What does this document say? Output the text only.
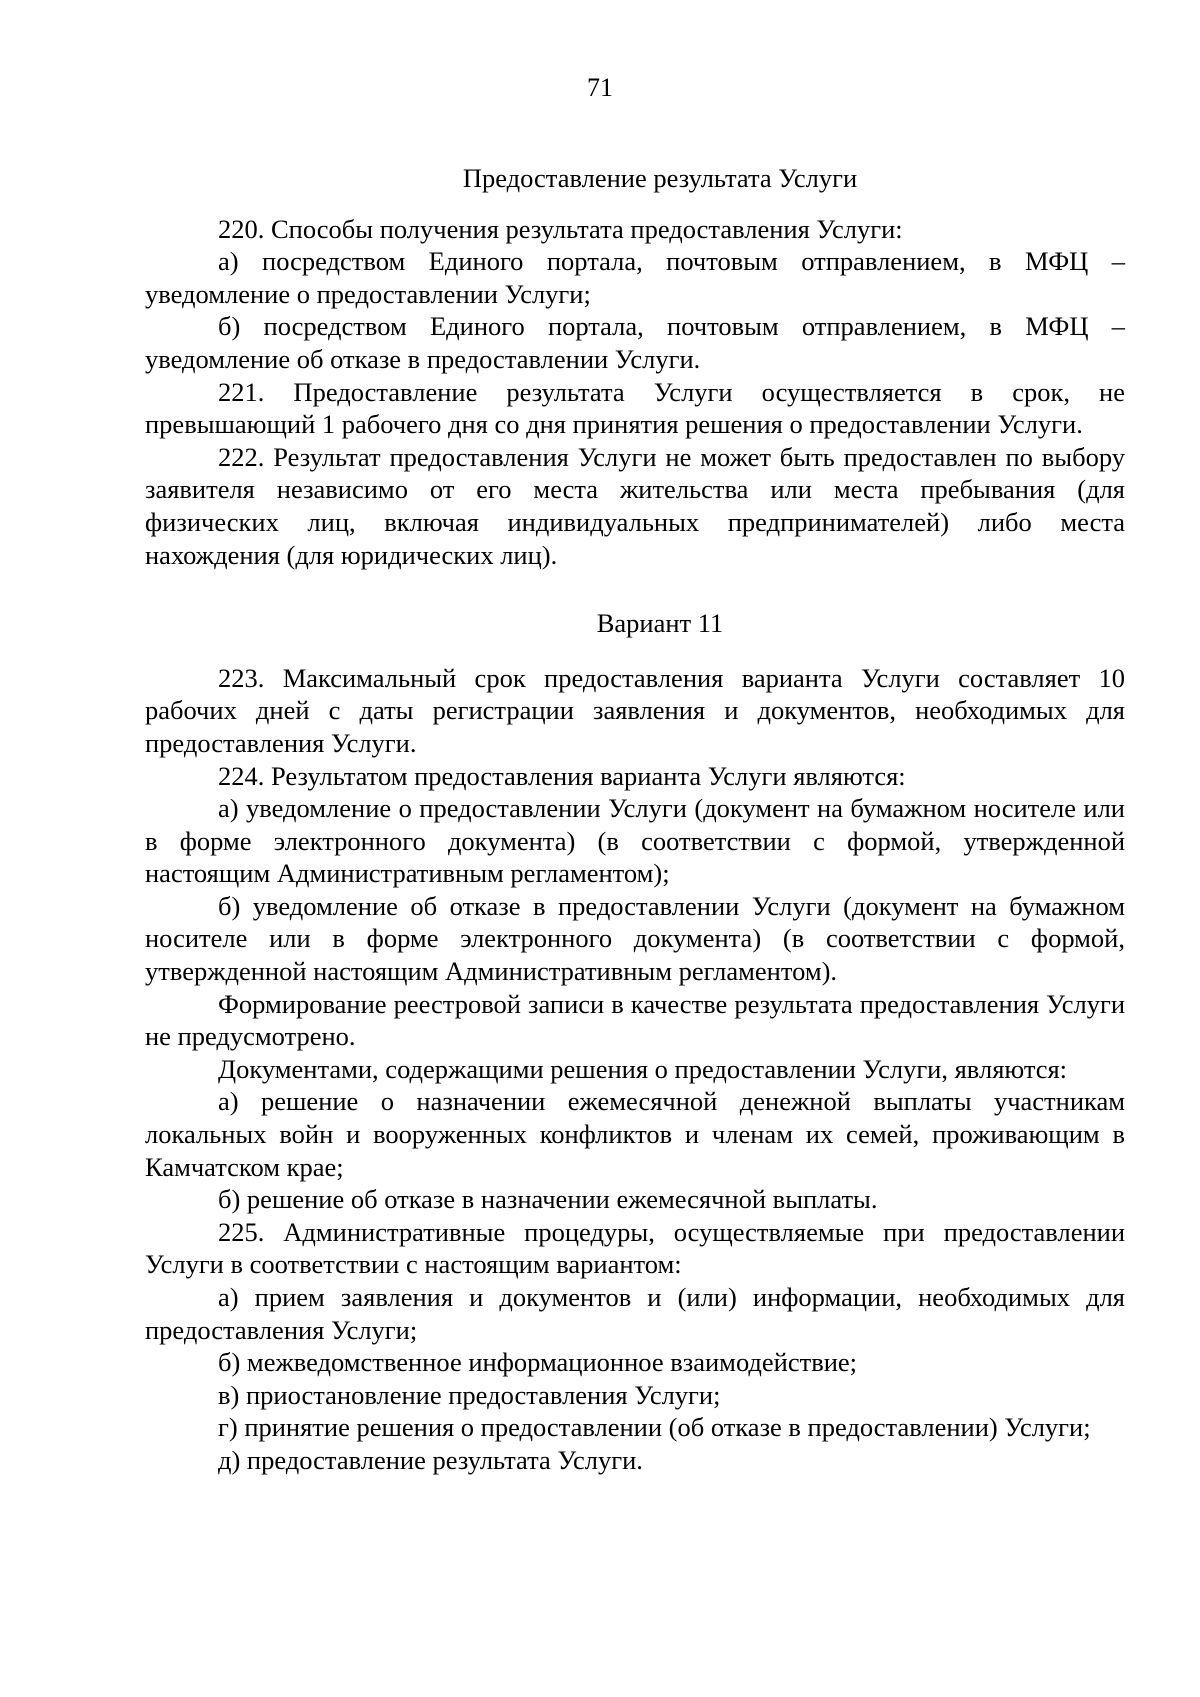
71

Предоставление результата Услуги

220. Способы получения результата предоставления Услуги:

а) посредством Единого портала, почтовым отправлением, в МФЦ – уведомление о предоставлении Услуги;

б) посредством Единого портала, почтовым отправлением, в МФЦ – уведомление об отказе в предоставлении Услуги.

221. Предоставление результата Услуги осуществляется в срок, не превышающий 1 рабочего дня со дня принятия решения о предоставлении Услуги.

222. Результат предоставления Услуги не может быть предоставлен по выбору заявителя независимо от его места жительства или места пребывания (для физических лиц, включая индивидуальных предпринимателей) либо места нахождения (для юридических лиц).

Вариант 11

223. Максимальный срок предоставления варианта Услуги составляет 10 рабочих дней с даты регистрации заявления и документов, необходимых для предоставления Услуги.

224. Результатом предоставления варианта Услуги являются:

а) уведомление о предоставлении Услуги (документ на бумажном носителе или в форме электронного документа) (в соответствии с формой, утвержденной настоящим Административным регламентом);

б) уведомление об отказе в предоставлении Услуги (документ на бумажном носителе или в форме электронного документа) (в соответствии с формой, утвержденной настоящим Административным регламентом).

Формирование реестровой записи в качестве результата предоставления Услуги не предусмотрено.

Документами, содержащими решения о предоставлении Услуги, являются:

а) решение о назначении ежемесячной денежной выплаты участникам локальных войн и вооруженных конфликтов и членам их семей, проживающим в Камчатском крае;

б) решение об отказе в назначении ежемесячной выплаты.

225. Административные процедуры, осуществляемые при предоставлении Услуги в соответствии с настоящим вариантом:

а) прием заявления и документов и (или) информации, необходимых для предоставления Услуги;

б) межведомственное информационное взаимодействие;

в) приостановление предоставления Услуги;

г) принятие решения о предоставлении (об отказе в предоставлении) Услуги;

д) предоставление результата Услуги.
